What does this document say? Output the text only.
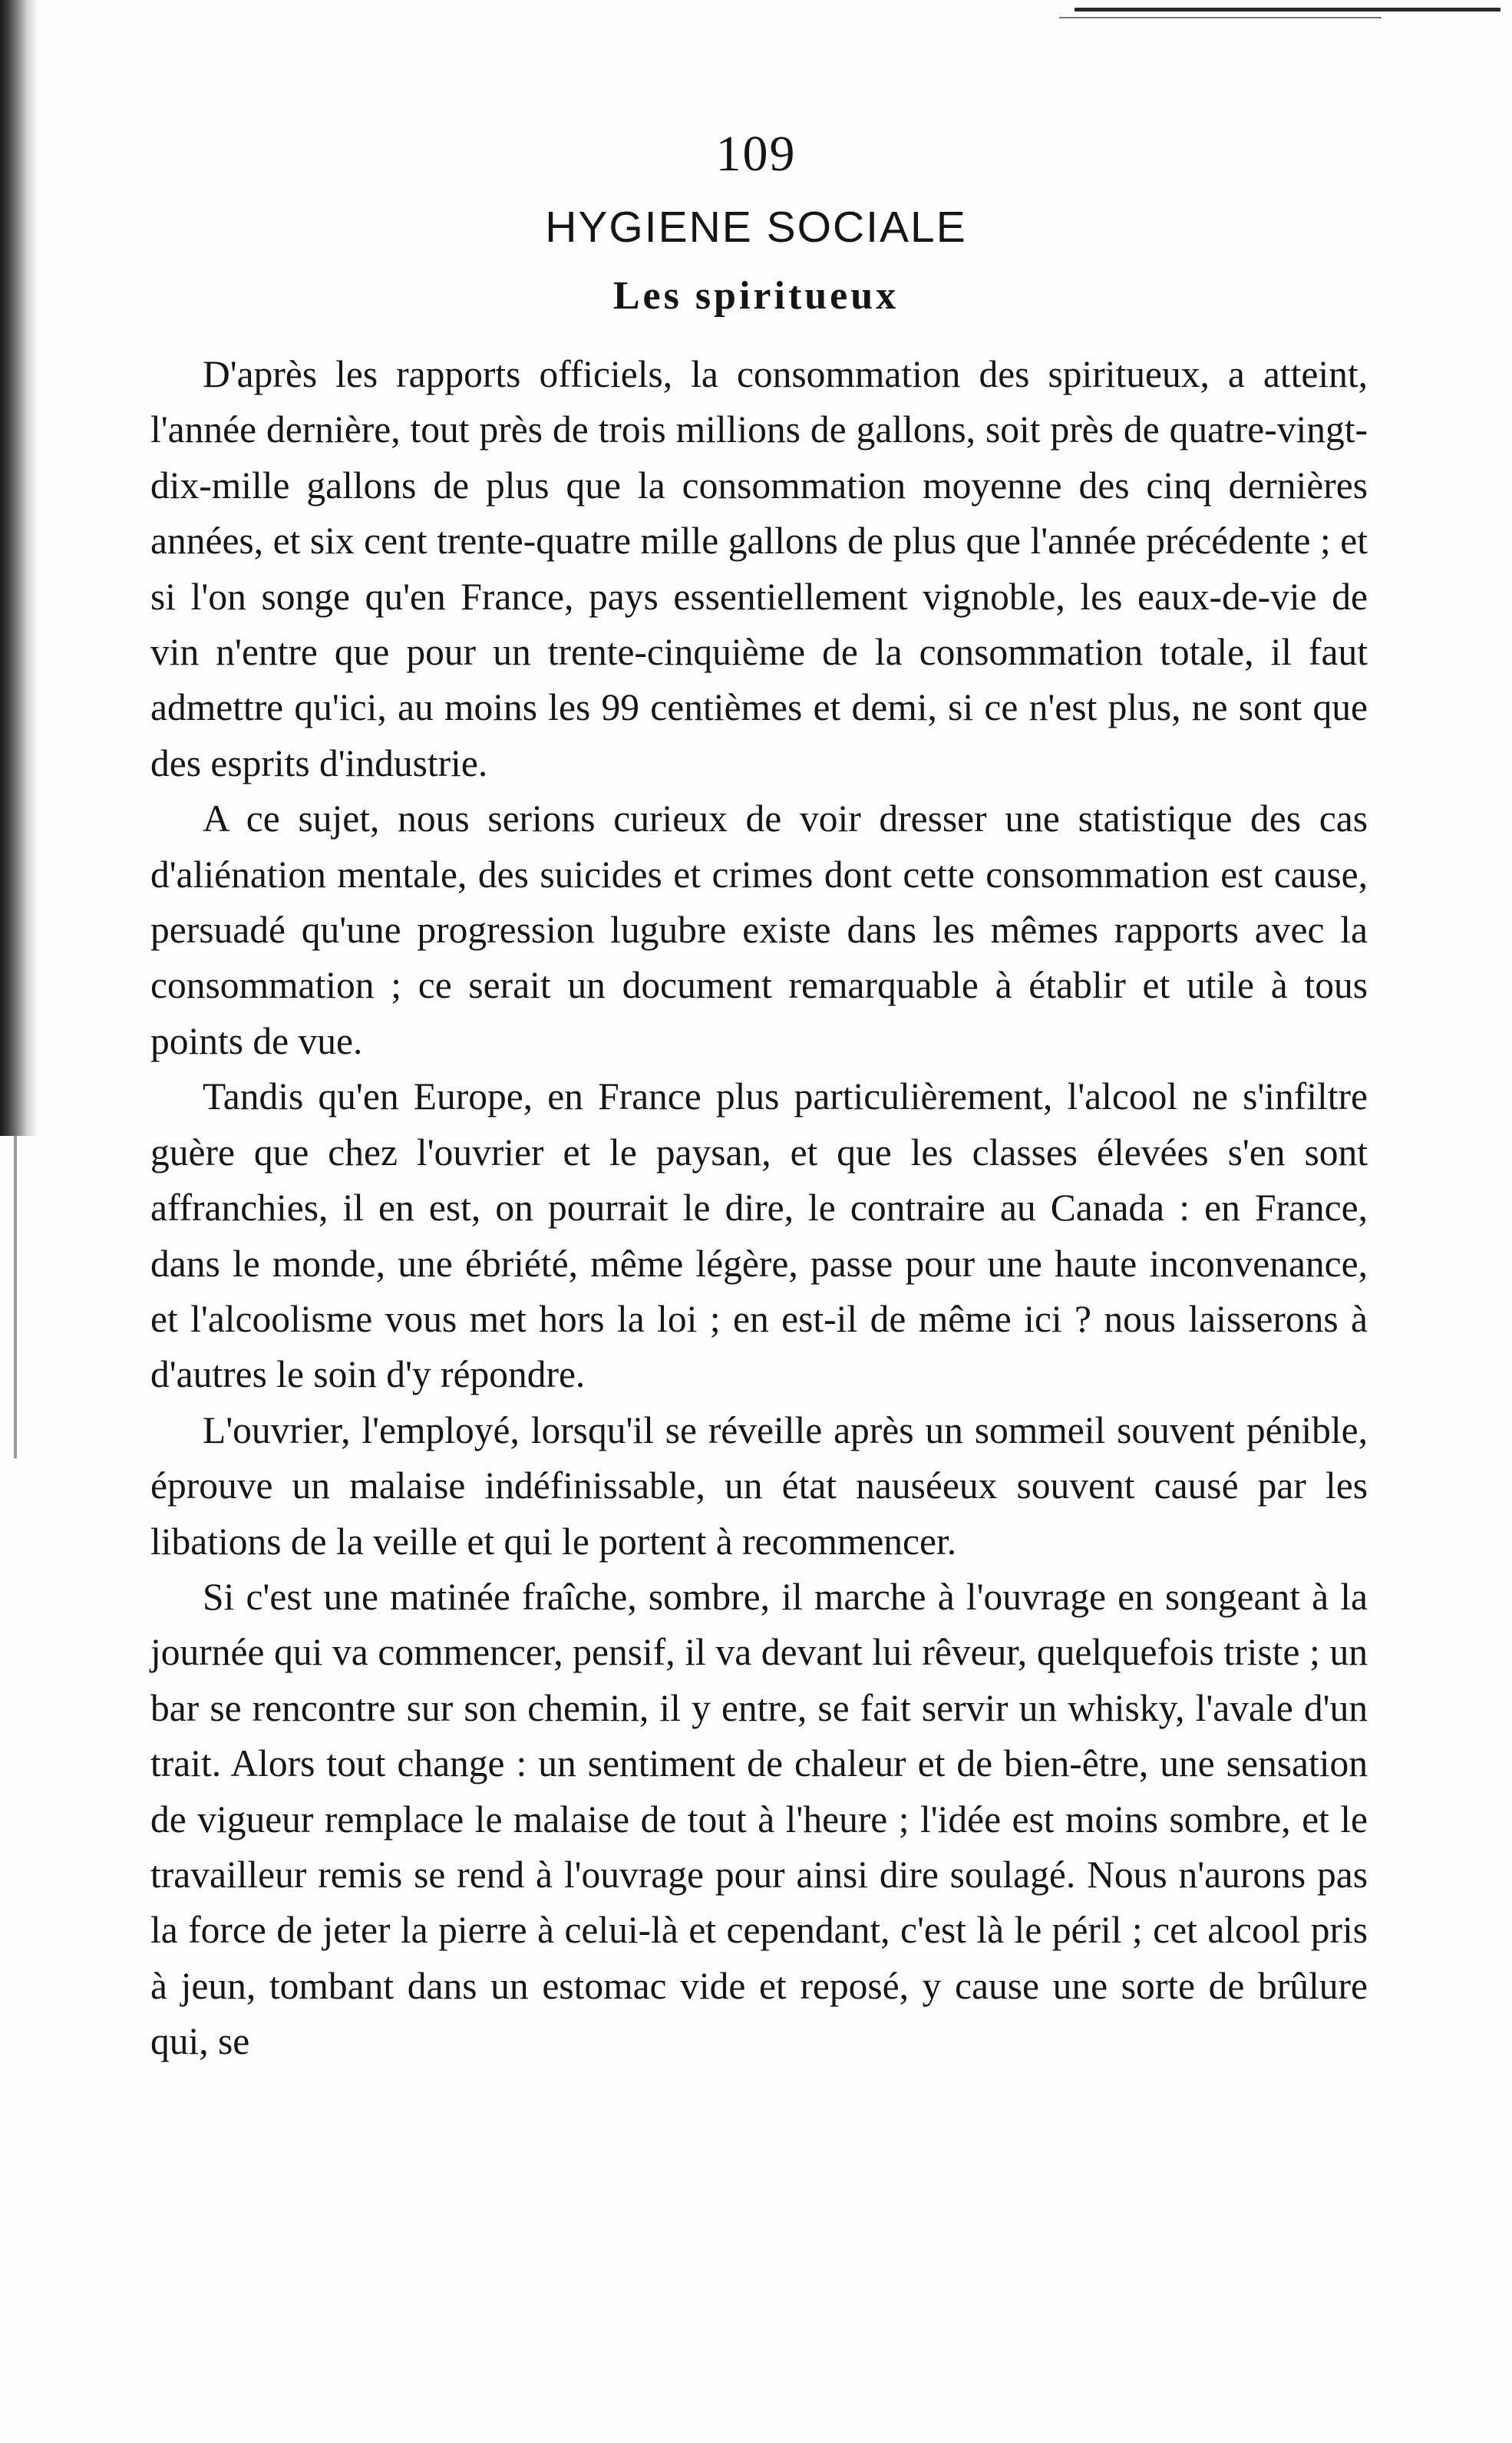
109
HYGIENE SOCIALE
Les spiritueux

D'après les rapports officiels, la consommation des spiritueux, a atteint, l'année dernière, tout près de trois millions de gallons, soit près de quatre-vingt-dix-mille gallons de plus que la consommation moyenne des cinq dernières années, et six cent trente-quatre mille gallons de plus que l'année précédente ; et si l'on songe qu'en France, pays essentiellement vignoble, les eaux-de-vie de vin n'entre que pour un trente-cinquième de la consommation totale, il faut admettre qu'ici, au moins les 99 centièmes et demi, si ce n'est plus, ne sont que des esprits d'industrie.

A ce sujet, nous serions curieux de voir dresser une statistique des cas d'aliénation mentale, des suicides et crimes dont cette consommation est cause, persuadé qu'une progression lugubre existe dans les mêmes rapports avec la consommation ; ce serait un document remarquable à établir et utile à tous points de vue.

Tandis qu'en Europe, en France plus particulièrement, l'alcool ne s'infiltre guère que chez l'ouvrier et le paysan, et que les classes élevées s'en sont affranchies, il en est, on pourrait le dire, le contraire au Canada : en France, dans le monde, une ébriété, même légère, passe pour une haute inconvenance, et l'alcoolisme vous met hors la loi ; en est-il de même ici ? nous laisserons à d'autres le soin d'y répondre.

L'ouvrier, l'employé, lorsqu'il se réveille après un sommeil souvent pénible, éprouve un malaise indéfinissable, un état nauséeux souvent causé par les libations de la veille et qui le portent à recommencer.

Si c'est une matinée fraîche, sombre, il marche à l'ouvrage en songeant à la journée qui va commencer, pensif, il va devant lui rêveur, quelquefois triste ; un bar se rencontre sur son chemin, il y entre, se fait servir un whisky, l'avale d'un trait. Alors tout change : un sentiment de chaleur et de bien-être, une sensation de vigueur remplace le malaise de tout à l'heure ; l'idée est moins sombre, et le travailleur remis se rend à l'ouvrage pour ainsi dire soulagé. Nous n'aurons pas la force de jeter la pierre à celui-là et cependant, c'est là le péril ; cet alcool pris à jeun, tombant dans un estomac vide et reposé, y cause une sorte de brûlure qui, se
